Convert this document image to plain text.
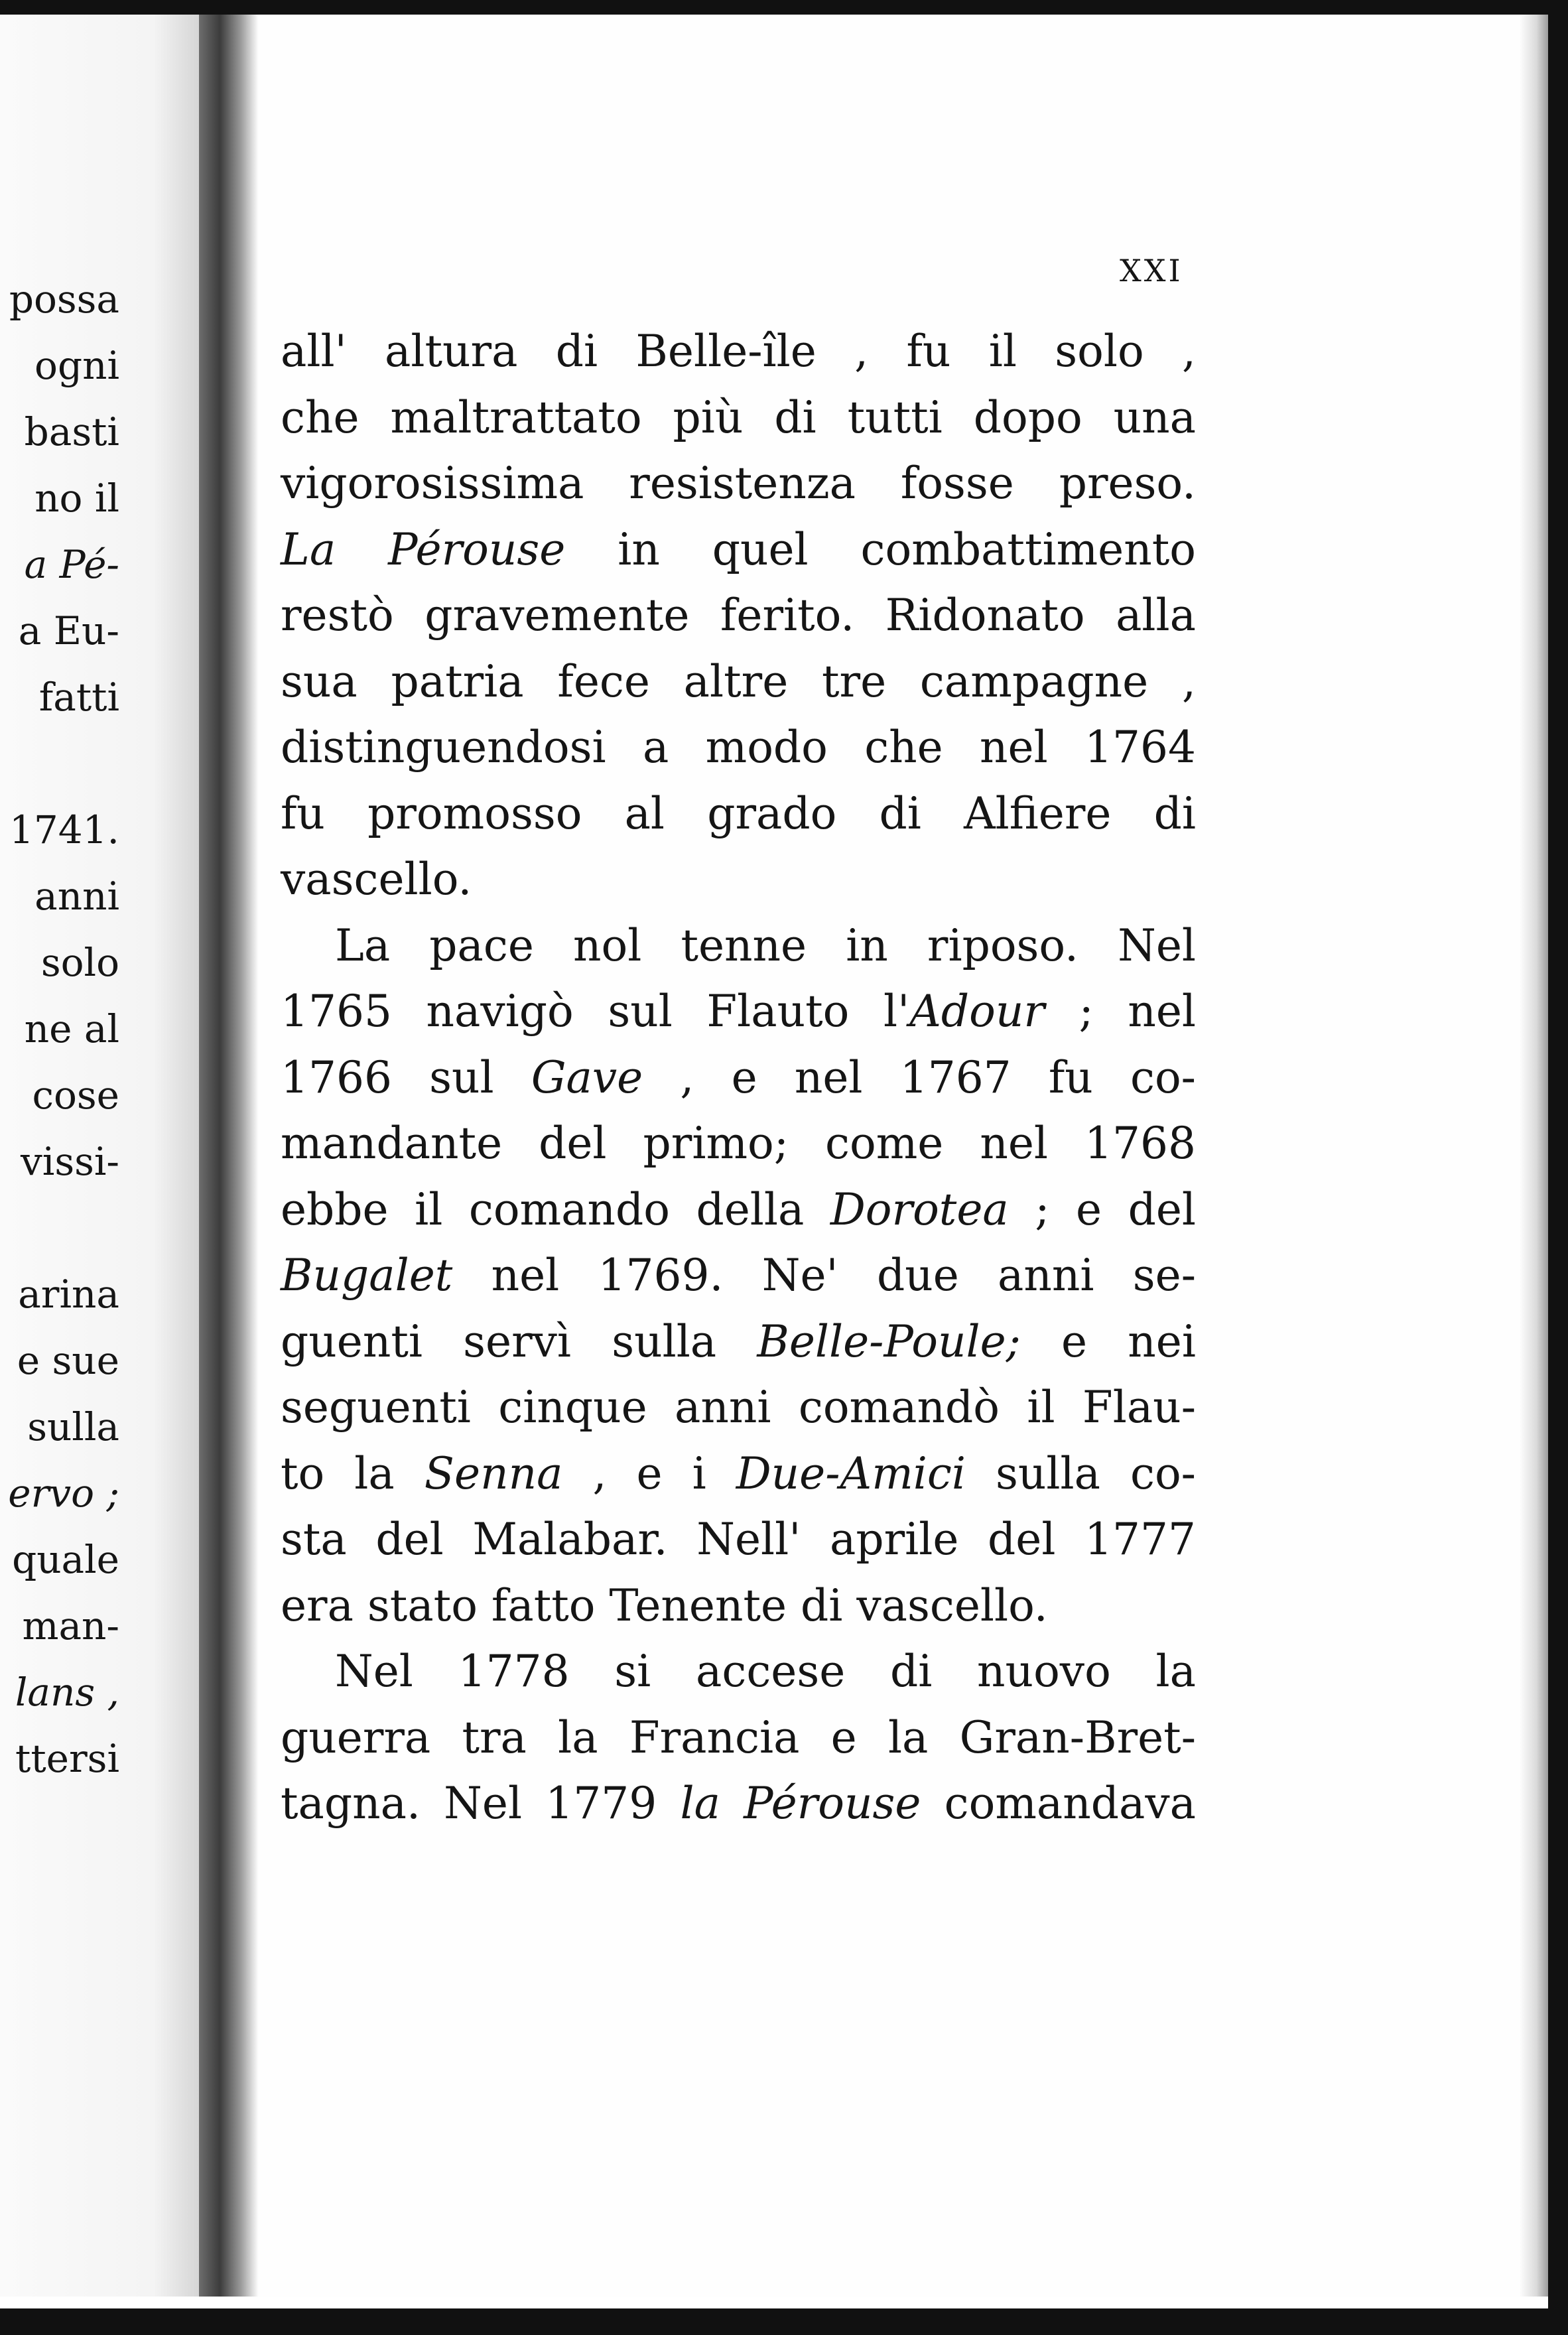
possa
ogni
basti
no il
a Pé-
a Eu-
fatti
1741.
anni
solo
ne al
cose
vissi-
arina
e sue
sulla
ervo ;
quale
man-
lans ,
ttersi
XXI
all' altura di Belle-île , fu il solo ,
che maltrattato più di tutti dopo una
vigorosissima resistenza fosse preso.
La Pérouse in quel combattimento
restò gravemente ferito. Ridonato alla
sua patria fece altre tre campagne ,
distinguendosi a modo che nel 1764
fu promosso al grado di Alfiere di
vascello.
La pace nol tenne in riposo. Nel
1765 navigò sul Flauto l'Adour ; nel
1766 sul Gave , e nel 1767 fu co-
mandante del primo; come nel 1768
ebbe il comando della Dorotea ; e del
Bugalet nel 1769. Ne' due anni se-
guenti servì sulla Belle-Poule; e nei
seguenti cinque anni comandò il Flau-
to la Senna , e i Due-Amici sulla co-
sta del Malabar. Nell' aprile del 1777
era stato fatto Tenente di vascello.
Nel 1778 si accese di nuovo la
guerra tra la Francia e la Gran-Bret-
tagna. Nel 1779 la Pérouse comandava
